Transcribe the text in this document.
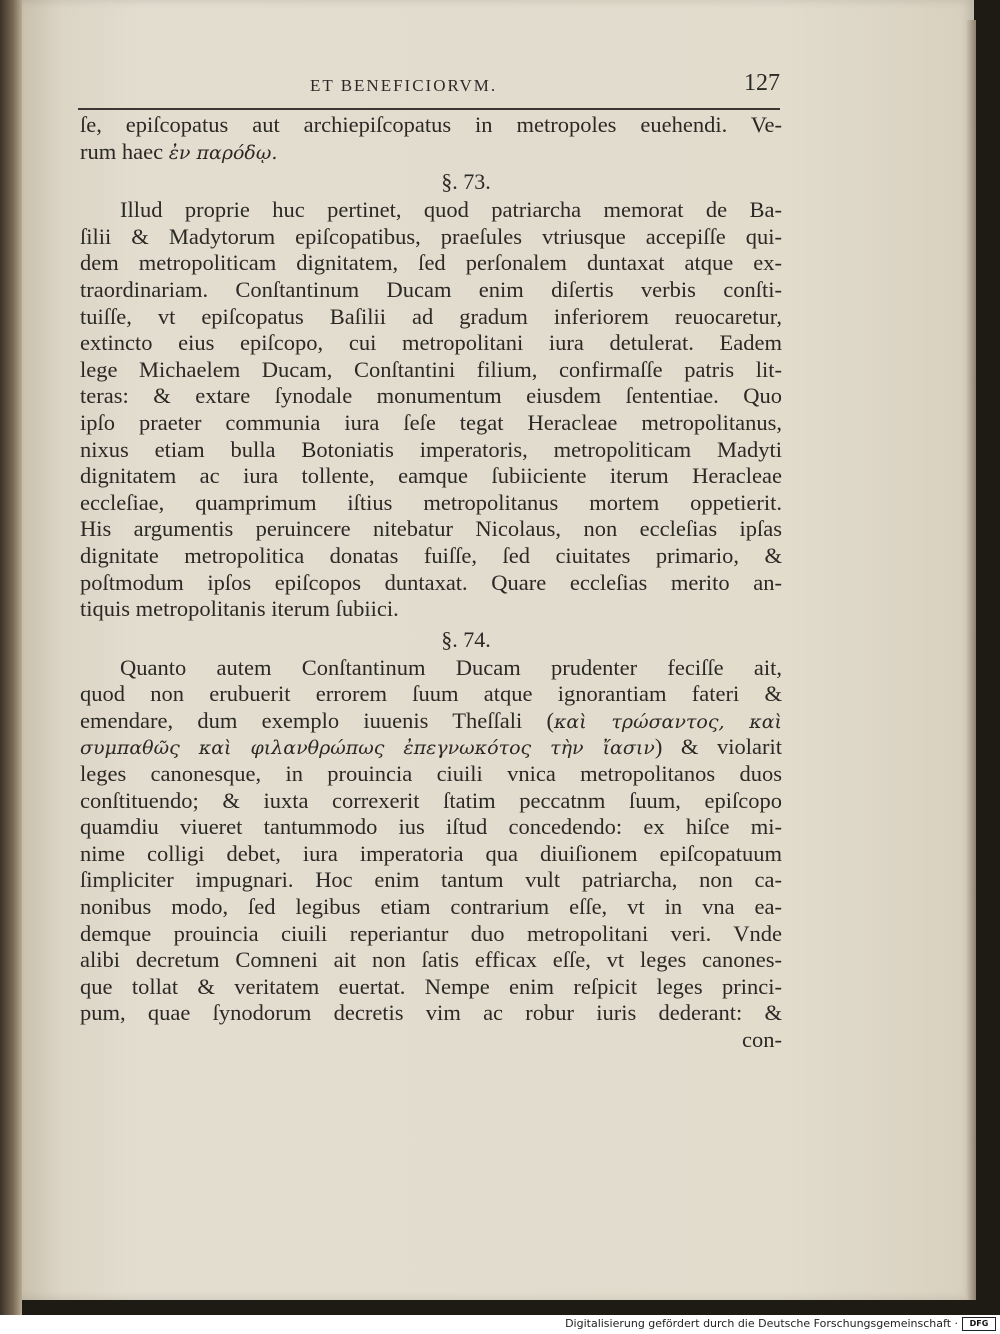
ET BENEFICIORVM.	127
ſe, epiſcopatus aut archiepiſcopatus in metropoles euehendi. Ve-
rum haec ἐν παρόδῳ.
§. 73.
Illud proprie huc pertinet, quod patriarcha memorat de Ba-
ſilii & Madytorum epiſcopatibus, praeſules vtriusque accepiſſe qui-
dem metropoliticam dignitatem, ſed perſonalem duntaxat atque ex-
traordinariam. Conſtantinum Ducam enim diſertis verbis conſti-
tuiſſe, vt epiſcopatus Baſilii ad gradum inferiorem reuocaretur,
extincto eius epiſcopo, cui metropolitani iura detulerat. Eadem
lege Michaelem Ducam, Conſtantini filium, confirmaſſe patris lit-
teras: & extare ſynodale monumentum eiusdem ſententiae. Quo
ipſo praeter communia iura ſeſe tegat Heracleae metropolitanus,
nixus etiam bulla Botoniatis imperatoris, metropoliticam Madyti
dignitatem ac iura tollente, eamque ſubiiciente iterum Heracleae
eccleſiae, quamprimum iſtius metropolitanus mortem oppetierit.
His argumentis peruincere nitebatur Nicolaus, non eccleſias ipſas
dignitate metropolitica donatas fuiſſe, ſed ciuitates primario, &
poſtmodum ipſos epiſcopos duntaxat. Quare eccleſias merito an-
tiquis metropolitanis iterum ſubiici.
§. 74.
Quanto autem Conſtantinum Ducam prudenter feciſſe ait,
quod non erubuerit errorem ſuum atque ignorantiam fateri &
emendare, dum exemplo iuuenis Theſſali (καὶ τρώσαντος, καὶ
συμπαθῶς καὶ φιλανθρώπως ἐπεγνωκότος τὴν ἴασιν) & violarit
leges canonesque, in prouincia ciuili vnica metropolitanos duos
conſtituendo; & iuxta correxerit ſtatim peccatnm ſuum, epiſcopo
quamdiu viueret tantummodo ius iſtud concedendo: ex hiſce mi-
nime colligi debet, iura imperatoria qua diuiſionem epiſcopatuum
ſimpliciter impugnari. Hoc enim tantum vult patriarcha, non ca-
nonibus modo, ſed legibus etiam contrarium eſſe, vt in vna ea-
demque prouincia ciuili reperiantur duo metropolitani veri. Vnde
alibi decretum Comneni ait non ſatis efficax eſſe, vt leges canones-
que tollat & veritatem euertat. Nempe enim reſpicit leges princi-
pum, quae ſynodorum decretis vim ac robur iuris dederant: &
con-
Digitalisierung gefördert durch die Deutsche Forschungsgemeinschaft ·	DFG
